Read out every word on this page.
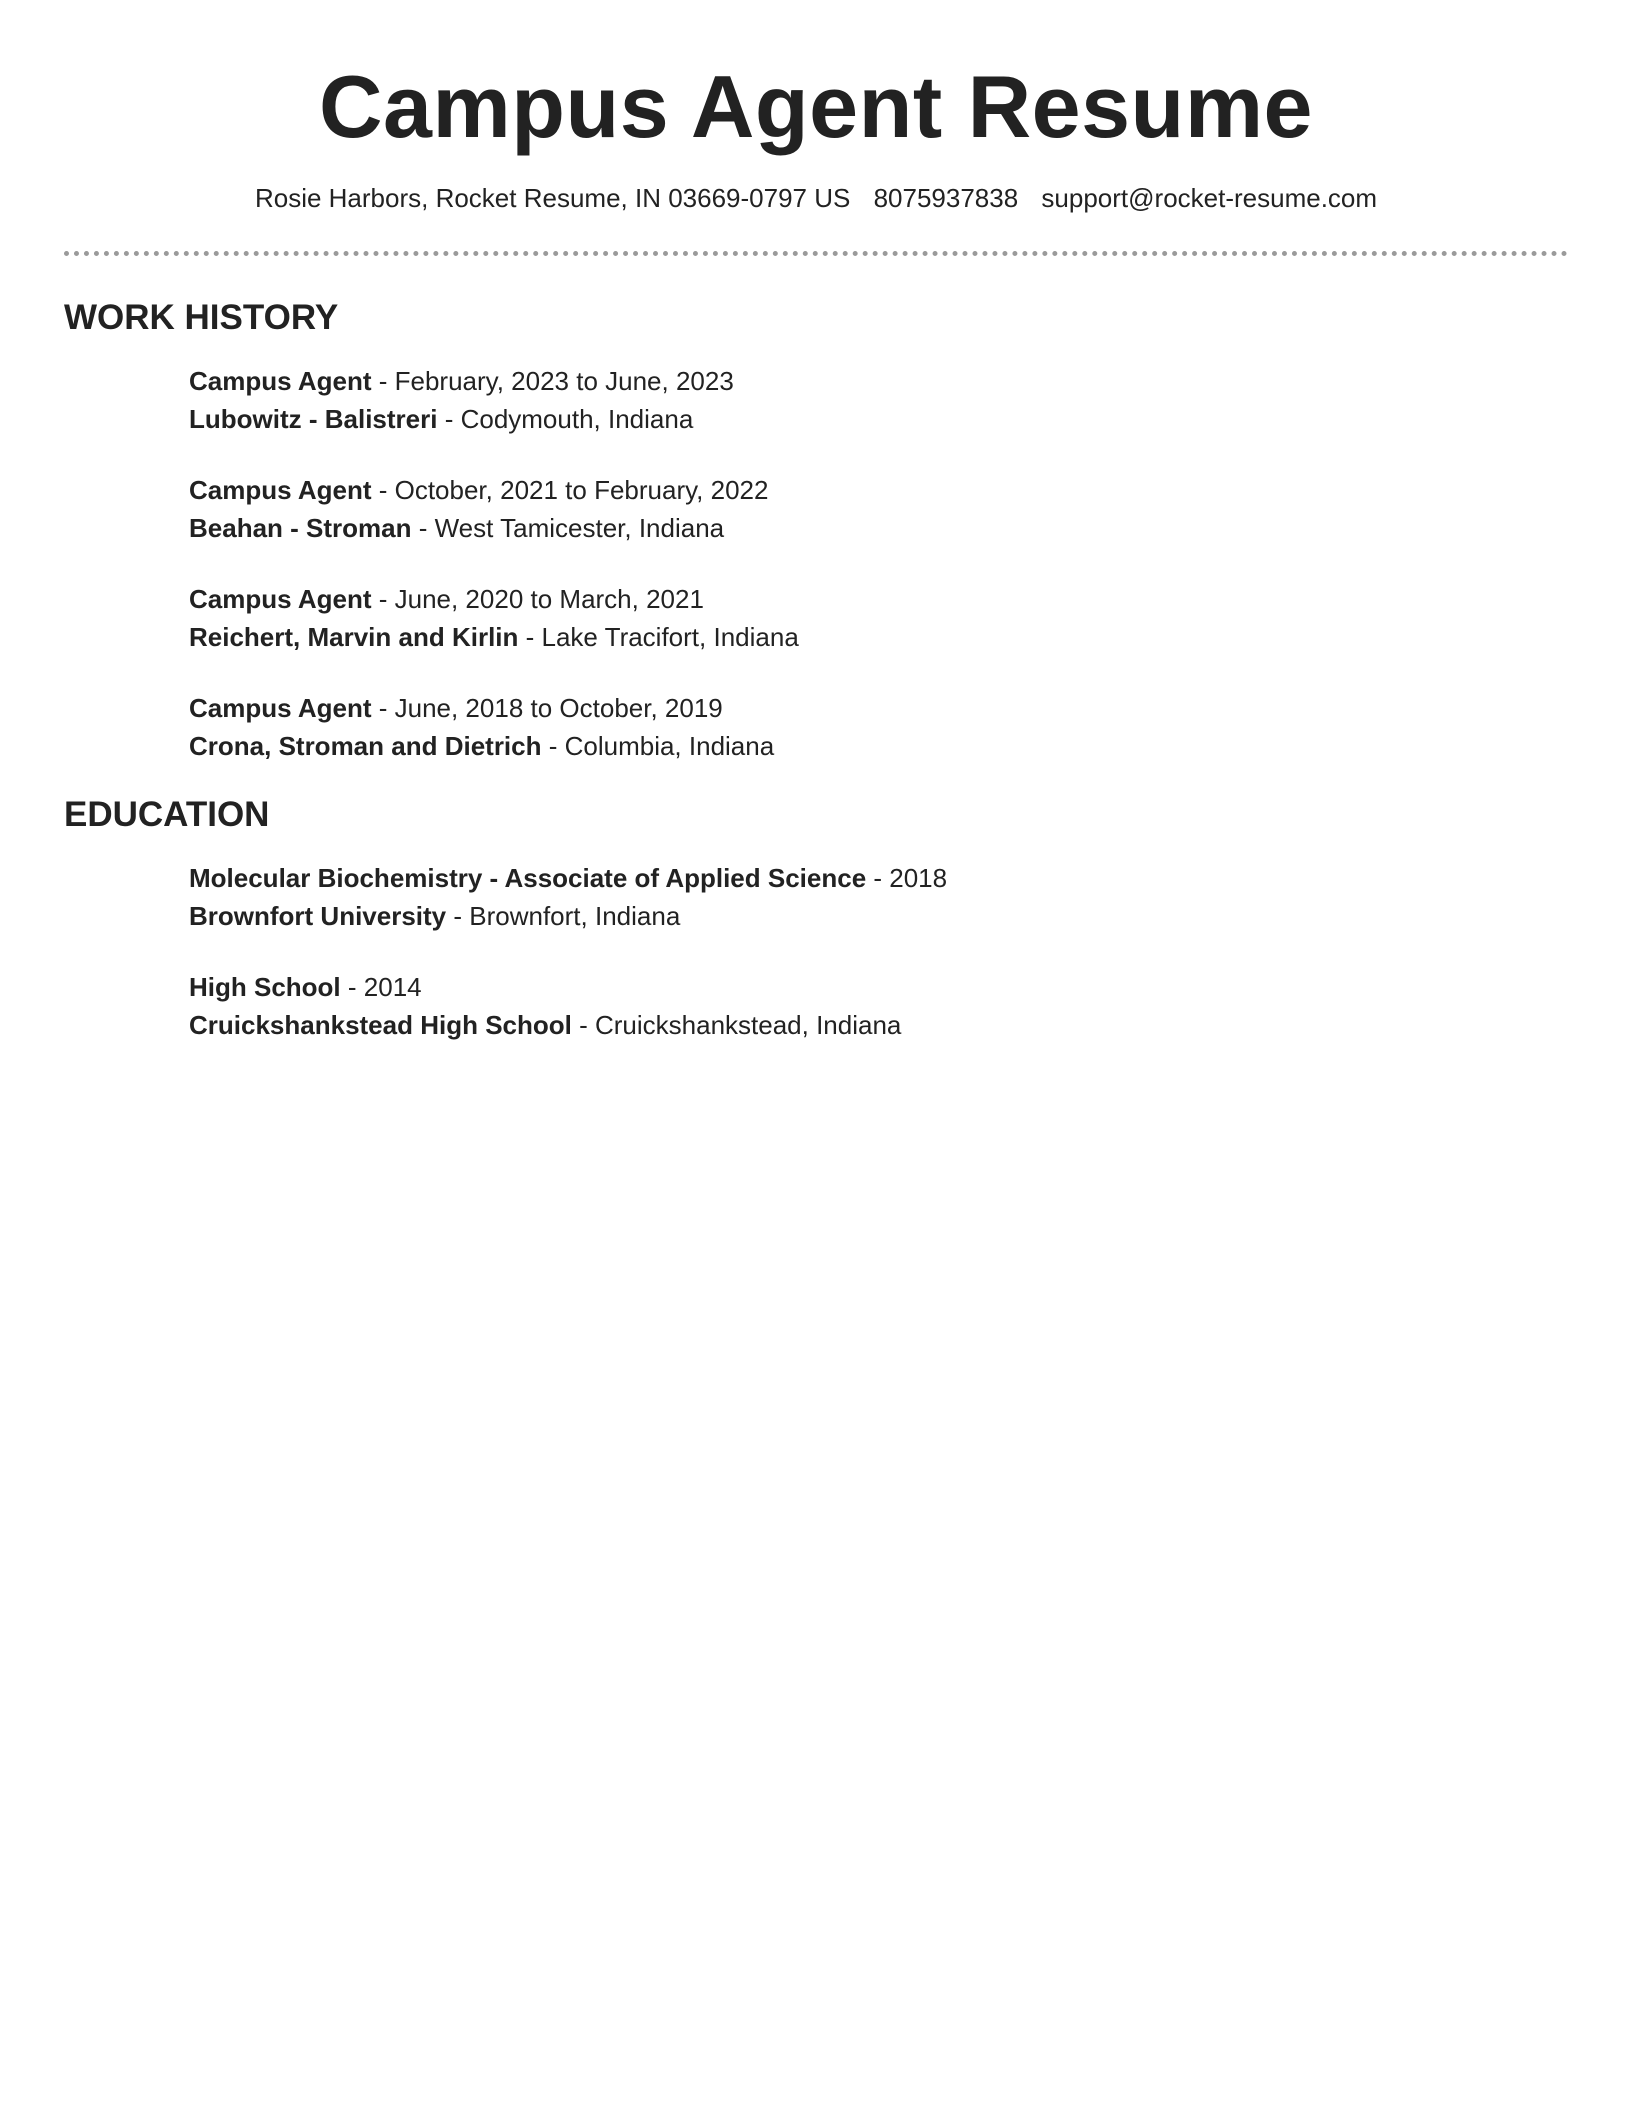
Campus Agent Resume
Rosie Harbors, Rocket Resume, IN 03669-0797 US 8075937838 support@rocket-resume.com
WORK HISTORY
Campus Agent - February, 2023 to June, 2023
Lubowitz - Balistreri - Codymouth, Indiana
Campus Agent - October, 2021 to February, 2022
Beahan - Stroman - West Tamicester, Indiana
Campus Agent - June, 2020 to March, 2021
Reichert, Marvin and Kirlin - Lake Tracifort, Indiana
Campus Agent - June, 2018 to October, 2019
Crona, Stroman and Dietrich - Columbia, Indiana
EDUCATION
Molecular Biochemistry - Associate of Applied Science - 2018
Brownfort University - Brownfort, Indiana
High School - 2014
Cruickshankstead High School - Cruickshankstead, Indiana
